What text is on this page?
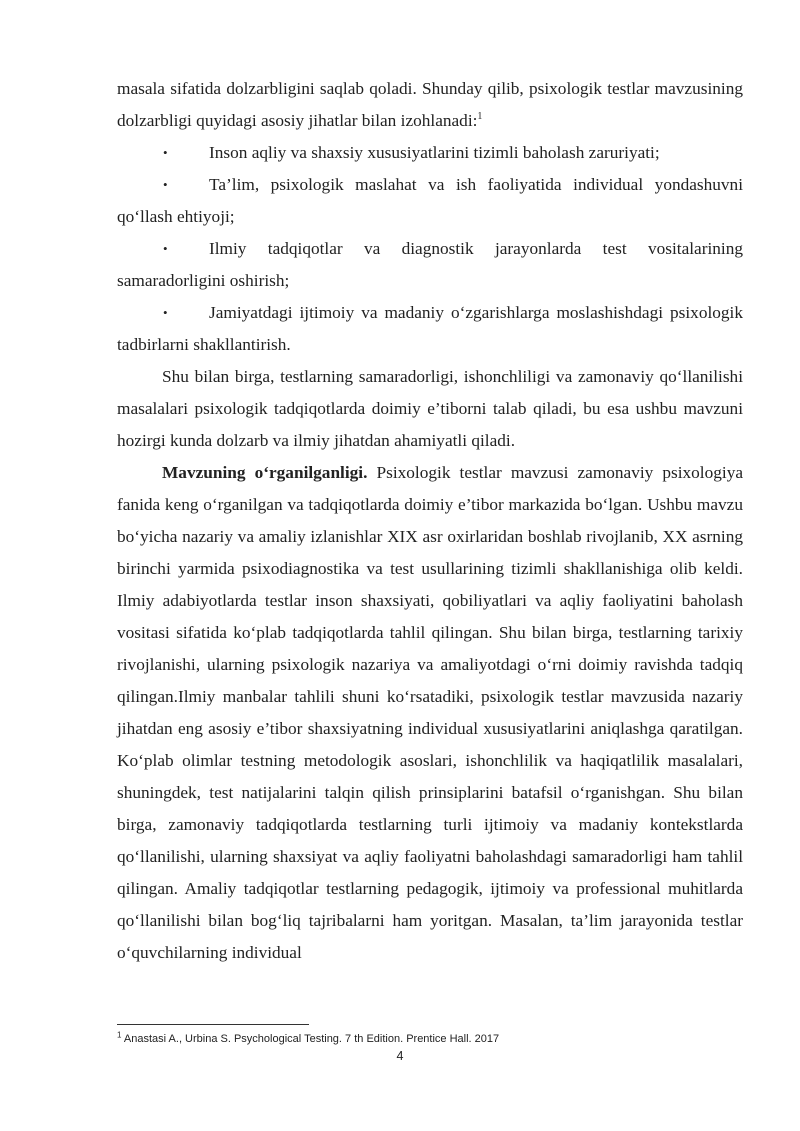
masala sifatida dolzarbligini saqlab qoladi. Shunday qilib, psixologik testlar mavzusining dolzarbligi quyidagi asosiy jihatlar bilan izohlanadi:$^1$

• Inson aqliy va shaxsiy xususiyatlarini tizimli baholash zaruriyati;

• Ta’lim, psixologik maslahat va ish faoliyatida individual yondashuvni qo‘llash ehtiyoji;

• Ilmiy tadqiqotlar va diagnostik jarayonlarda test vositalarining samaradorligini oshirish;

• Jamiyatdagi ijtimoiy va madaniy o‘zgarishlarga moslashishdagi psixologik tadbirlarni shakllantirish.

Shu bilan birga, testlarning samaradorligi, ishonchliligi va zamonaviy qo‘llanilishi masalalari psixologik tadqiqotlarda doimiy e’tiborni talab qiladi, bu esa ushbu mavzuni hozirgi kunda dolzarb va ilmiy jihatdan ahamiyatli qiladi.

Mavzuning o‘rganilganligi. Psixologik testlar mavzusi zamonaviy psixologiya fanida keng o‘rganilgan va tadqiqotlarda doimiy e’tibor markazida bo‘lgan. Ushbu mavzu bo‘yicha nazariy va amaliy izlanishlar XIX asr oxirlaridan boshlab rivojlanib, XX asrning birinchi yarmida psixodiagnostika va test usullarining tizimli shakllanishiga olib keldi. Ilmiy adabiyotlarda testlar inson shaxsiyati, qobiliyatlari va aqliy faoliyatini baholash vositasi sifatida ko‘plab tadqiqotlarda tahlil qilingan. Shu bilan birga, testlarning tarixiy rivojlanishi, ularning psixologik nazariya va amaliyotdagi o‘rni doimiy ravishda tadqiq qilingan.Ilmiy manbalar tahlili shuni ko‘rsatadiki, psixologik testlar mavzusida nazariy jihatdan eng asosiy e’tibor shaxsiyatning individual xususiyatlarini aniqlashga qaratilgan. Ko‘plab olimlar testning metodologik asoslari, ishonchlilik va haqiqatlilik masalalari, shuningdek, test natijalarini talqin qilish prinsiplarini batafsil o‘rganishgan. Shu bilan birga, zamonaviy tadqiqotlarda testlarning turli ijtimoiy va madaniy kontekstlarda qo‘llanilishi, ularning shaxsiyat va aqliy faoliyatni baholashdagi samaradorligi ham tahlil qilingan. Amaliy tadqiqotlar testlarning pedagogik, ijtimoiy va professional muhitlarda qo‘llanilishi bilan bog‘liq tajribalarni ham yoritgan. Masalan, ta’lim jarayonida testlar o‘quvchilarning individual

$^1$ Anastasi A., Urbina S. Psychological Testing. 7 th Edition. Prentice Hall. 2017
4
